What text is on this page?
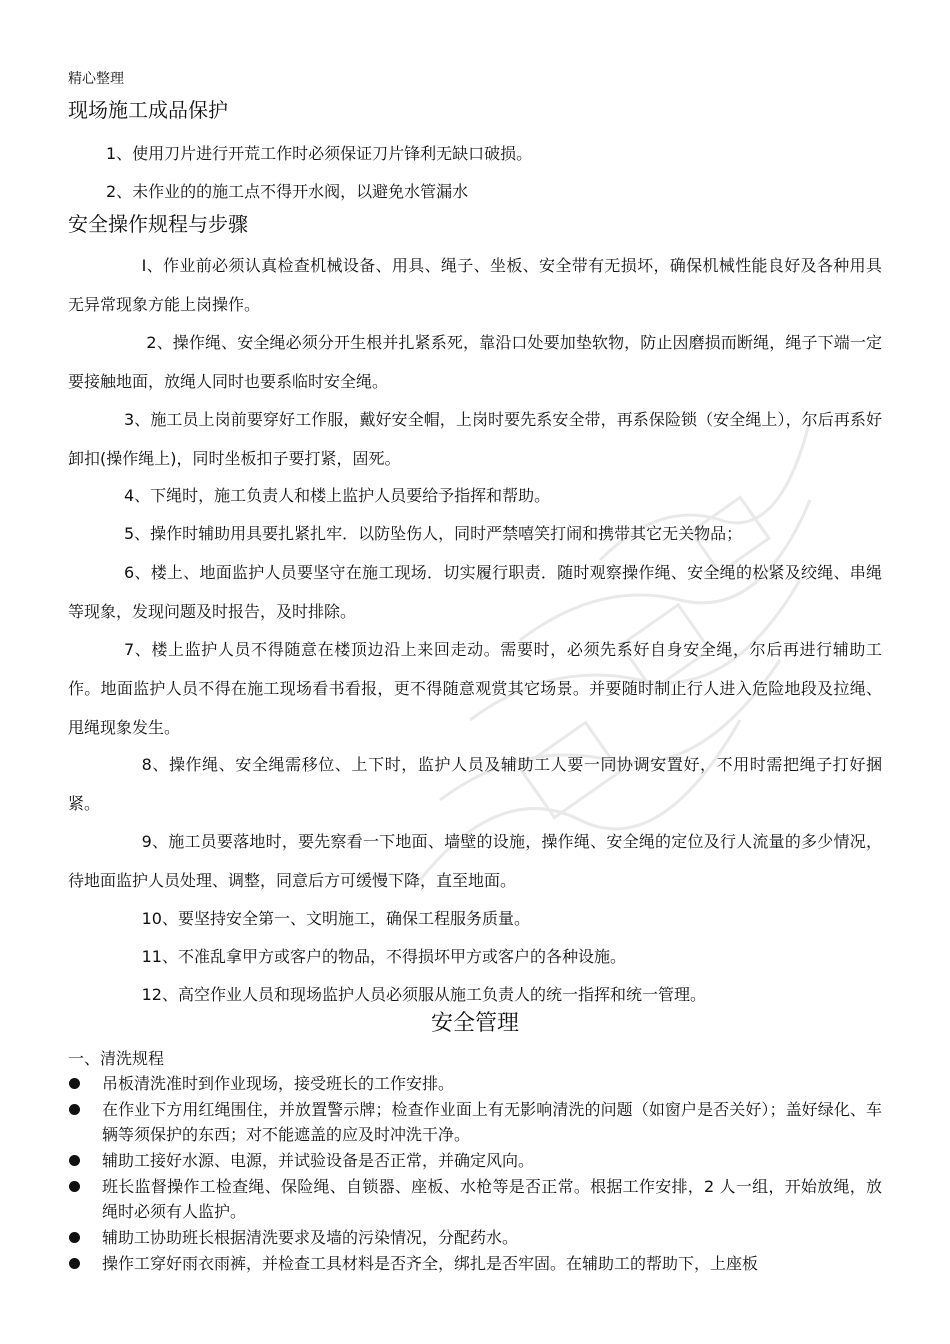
精心整理
现场施工成品保护
1、使用刀片进行开荒工作时必须保证刀片锋利无缺口破损。
2、未作业的的施工点不得开水阀，以避免水管漏水
安全操作规程与步骤
I、作业前必须认真检查机械设备、用具、绳子、坐板、安全带有无损坏，确保机械性能良好及各种用具无异常现象方能上岗操作。
2、操作绳、安全绳必须分开生根并扎紧系死，靠沿口处要加垫软物，防止因磨损而断绳，绳子下端一定要接触地面，放绳人同时也要系临时安全绳。
3、施工员上岗前要穿好工作服，戴好安全帽，上岗时要先系安全带，再系保险锁（安全绳上），尔后再系好卸扣(操作绳上)，同时坐板扣子要打紧，固死。
4、下绳时，施工负责人和楼上监护人员要给予指挥和帮助。
5、操作时辅助用具要扎紧扎牢．以防坠伤人，同时严禁嘻笑打闹和携带其它无关物品；
6、楼上、地面监护人员要坚守在施工现场．切实履行职责．随时观察操作绳、安全绳的松紧及绞绳、串绳等现象，发现问题及时报告，及时排除。
7、楼上监护人员不得随意在楼顶边沿上来回走动。需要时，必须先系好自身安全绳，尔后再进行辅助工作。地面监护人员不得在施工现场看书看报，更不得随意观赏其它场景。并要随时制止行人进入危险地段及拉绳、甩绳现象发生。
8、操作绳、安全绳需移位、上下时，监护人员及辅助工人要一同协调安置好，不用时需把绳子打好捆紧。
9、施工员要落地时，要先察看一下地面、墙壁的设施，操作绳、安全绳的定位及行人流量的多少情况，待地面监护人员处理、调整，同意后方可缓慢下降，直至地面。
10、要坚持安全第一、文明施工，确保工程服务质量。
11、不准乱拿甲方或客户的物品，不得损坏甲方或客户的各种设施。
12、高空作业人员和现场监护人员必须服从施工负责人的统一指挥和统一管理。
安全管理
一、清洗规程
吊板清洗准时到作业现场，接受班长的工作安排。
在作业下方用红绳围住，并放置警示牌；检查作业面上有无影响清洗的问题（如窗户是否关好）；盖好绿化、车辆等须保护的东西；对不能遮盖的应及时冲洗干净。
辅助工接好水源、电源，并试验设备是否正常，并确定风向。
班长监督操作工检查绳、保险绳、自锁器、座板、水枪等是否正常。根据工作安排，2 人一组，开始放绳，放绳时必须有人监护。
辅助工协助班长根据清洗要求及墙的污染情况，分配药水。
操作工穿好雨衣雨裤，并检查工具材料是否齐全，绑扎是否牢固。在辅助工的帮助下，上座板
